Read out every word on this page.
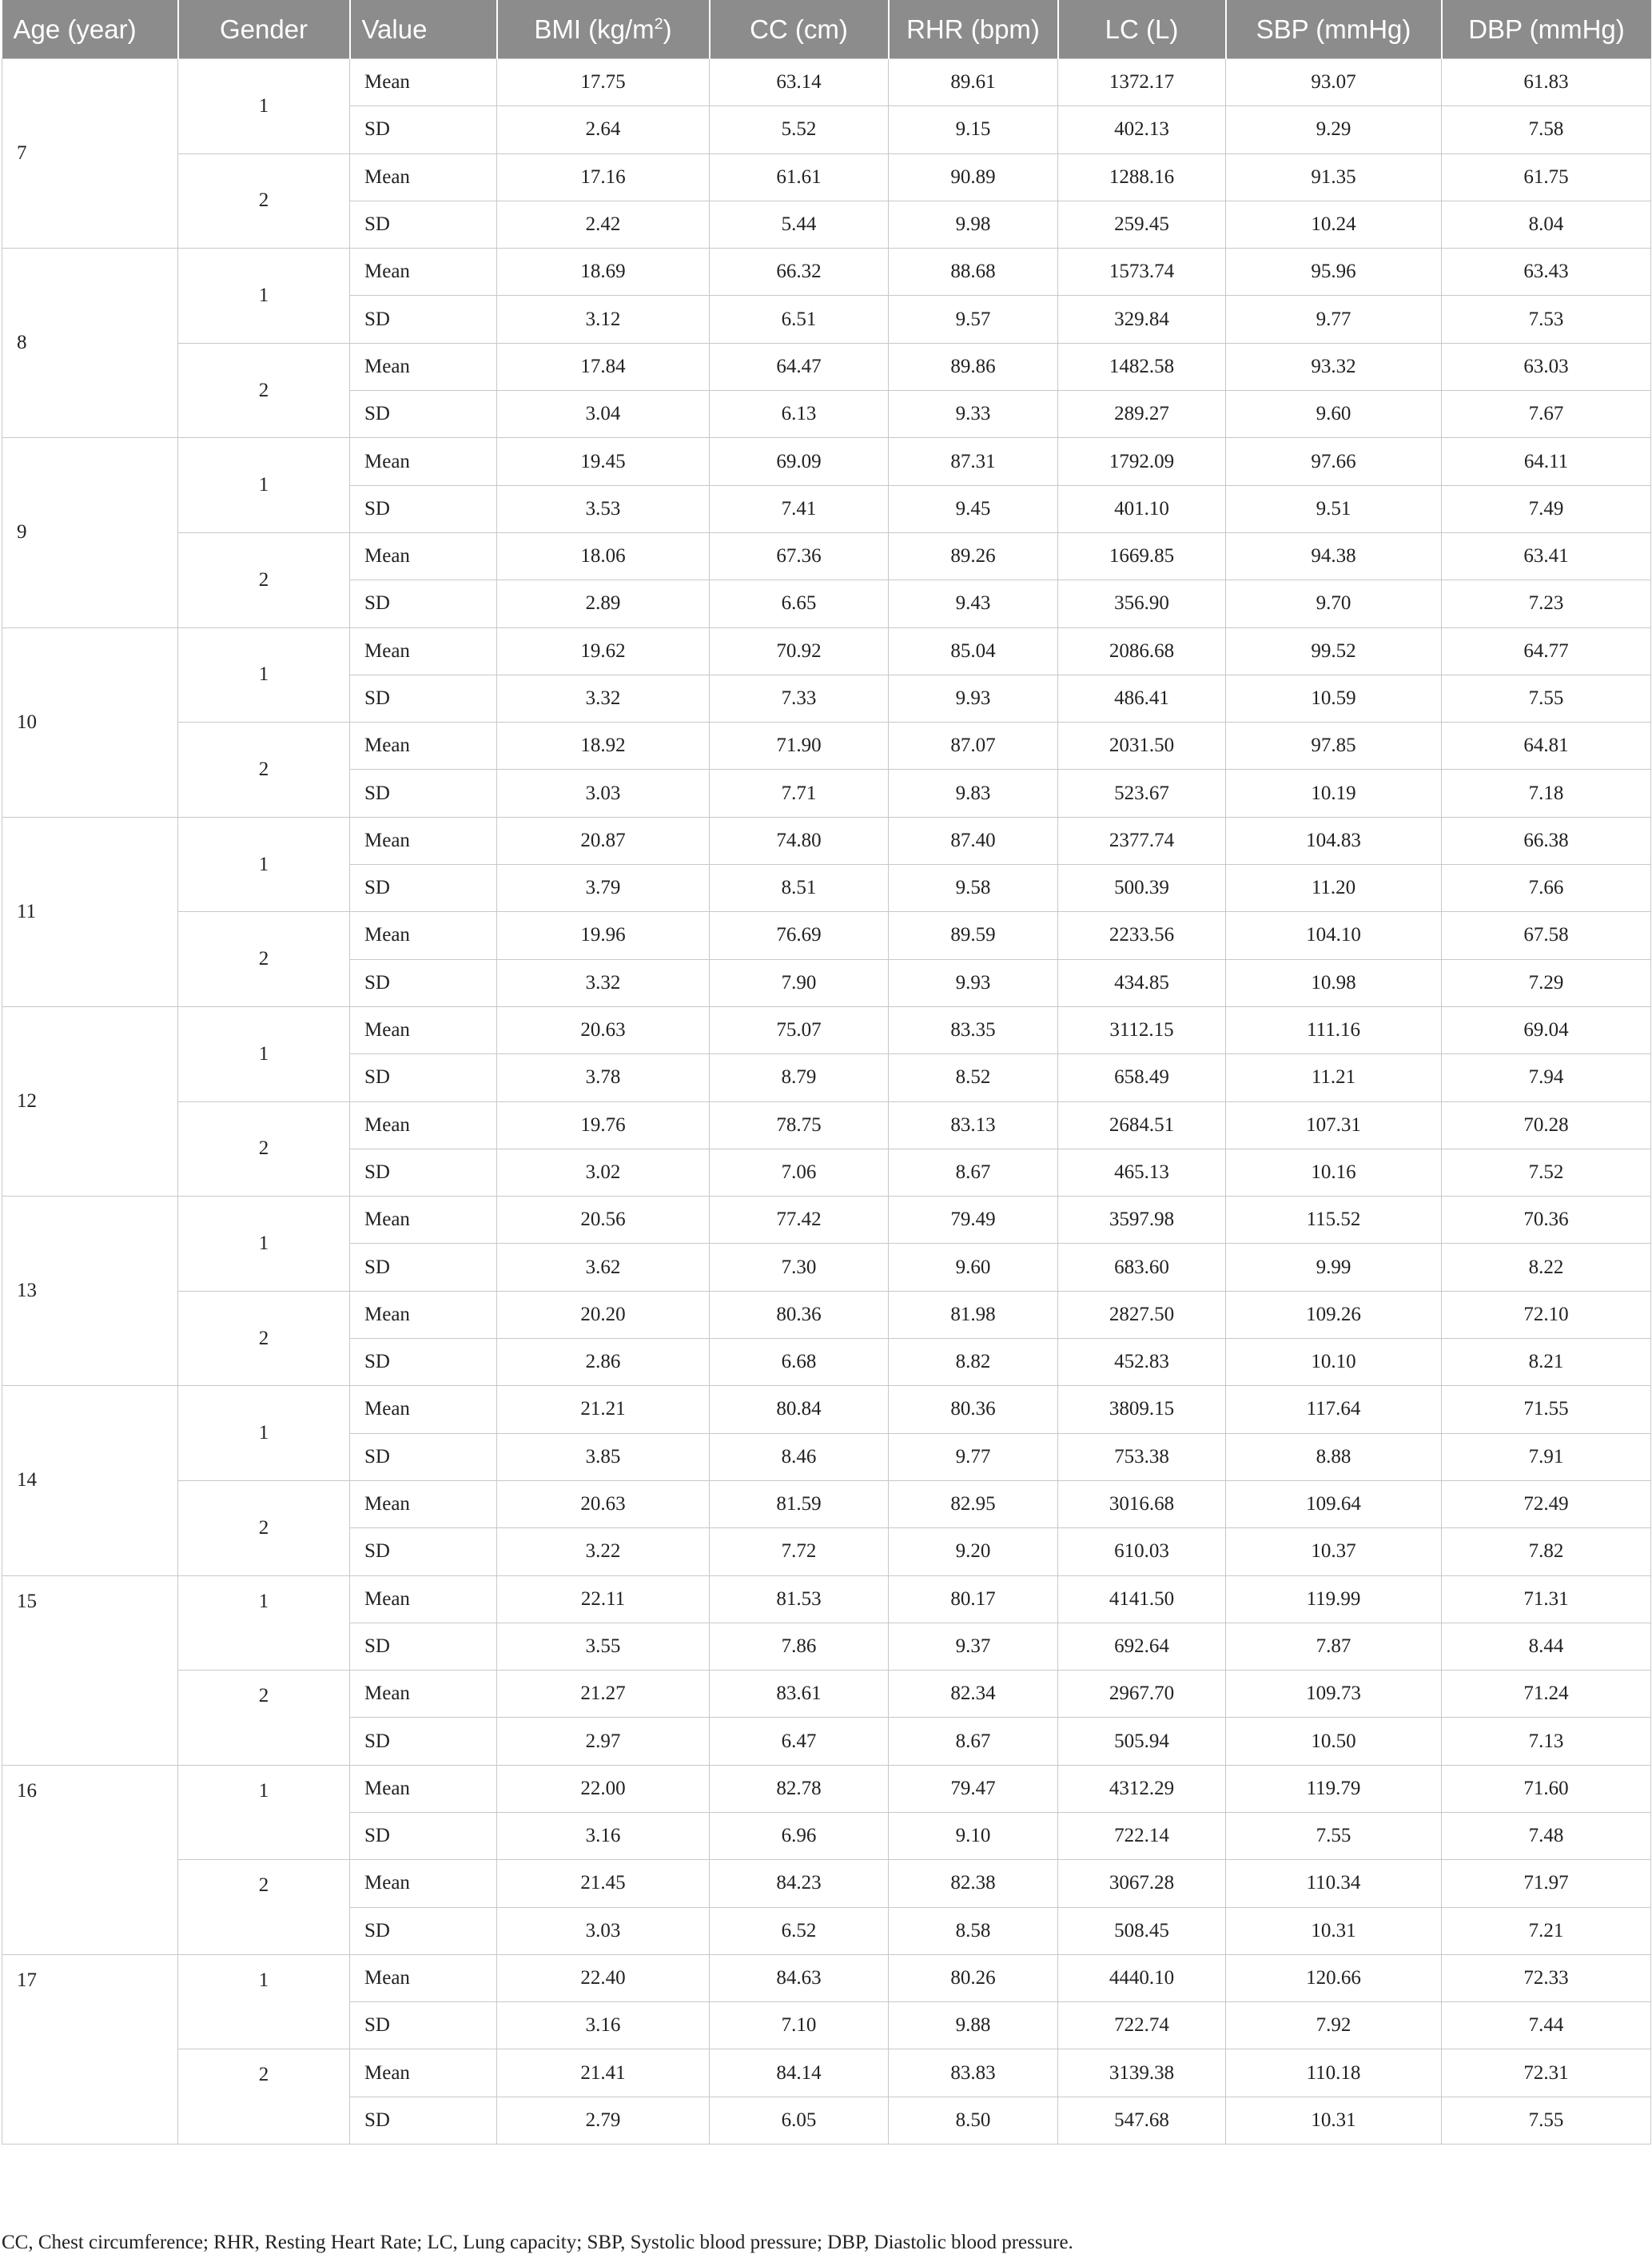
Age (year)	Gender	Value	BMI $(kg/m^2)$	CC (cm)	RHR (bpm)	LC (L)	SBP (mmHg)	DBP (mmHg)
7	1	Mean	17.75	63.14	89.61	1372.17	93.07	61.83
		SD	2.64	5.52	9.15	402.13	9.29	7.58
	2	Mean	17.16	61.61	90.89	1288.16	91.35	61.75
		SD	2.42	5.44	9.98	259.45	10.24	8.04
8	1	Mean	18.69	66.32	88.68	1573.74	95.96	63.43
		SD	3.12	6.51	9.57	329.84	9.77	7.53
	2	Mean	17.84	64.47	89.86	1482.58	93.32	63.03
		SD	3.04	6.13	9.33	289.27	9.60	7.67
9	1	Mean	19.45	69.09	87.31	1792.09	97.66	64.11
		SD	3.53	7.41	9.45	401.10	9.51	7.49
	2	Mean	18.06	67.36	89.26	1669.85	94.38	63.41
		SD	2.89	6.65	9.43	356.90	9.70	7.23
10	1	Mean	19.62	70.92	85.04	2086.68	99.52	64.77
		SD	3.32	7.33	9.93	486.41	10.59	7.55
	2	Mean	18.92	71.90	87.07	2031.50	97.85	64.81
		SD	3.03	7.71	9.83	523.67	10.19	7.18
11	1	Mean	20.87	74.80	87.40	2377.74	104.83	66.38
		SD	3.79	8.51	9.58	500.39	11.20	7.66
	2	Mean	19.96	76.69	89.59	2233.56	104.10	67.58
		SD	3.32	7.90	9.93	434.85	10.98	7.29
12	1	Mean	20.63	75.07	83.35	3112.15	111.16	69.04
		SD	3.78	8.79	8.52	658.49	11.21	7.94
	2	Mean	19.76	78.75	83.13	2684.51	107.31	70.28
		SD	3.02	7.06	8.67	465.13	10.16	7.52
13	1	Mean	20.56	77.42	79.49	3597.98	115.52	70.36
		SD	3.62	7.30	9.60	683.60	9.99	8.22
	2	Mean	20.20	80.36	81.98	2827.50	109.26	72.10
		SD	2.86	6.68	8.82	452.83	10.10	8.21
14	1	Mean	21.21	80.84	80.36	3809.15	117.64	71.55
		SD	3.85	8.46	9.77	753.38	8.88	7.91
	2	Mean	20.63	81.59	82.95	3016.68	109.64	72.49
		SD	3.22	7.72	9.20	610.03	10.37	7.82
15	1	Mean	22.11	81.53	80.17	4141.50	119.99	71.31
		SD	3.55	7.86	9.37	692.64	7.87	8.44
	2	Mean	21.27	83.61	82.34	2967.70	109.73	71.24
		SD	2.97	6.47	8.67	505.94	10.50	7.13
16	1	Mean	22.00	82.78	79.47	4312.29	119.79	71.60
		SD	3.16	6.96	9.10	722.14	7.55	7.48
	2	Mean	21.45	84.23	82.38	3067.28	110.34	71.97
		SD	3.03	6.52	8.58	508.45	10.31	7.21
17	1	Mean	22.40	84.63	80.26	4440.10	120.66	72.33
		SD	3.16	7.10	9.88	722.74	7.92	7.44
	2	Mean	21.41	84.14	83.83	3139.38	110.18	72.31
		SD	2.79	6.05	8.50	547.68	10.31	7.55
CC, Chest circumference; RHR, Resting Heart Rate; LC, Lung capacity; SBP, Systolic blood pressure; DBP, Diastolic blood pressure.
